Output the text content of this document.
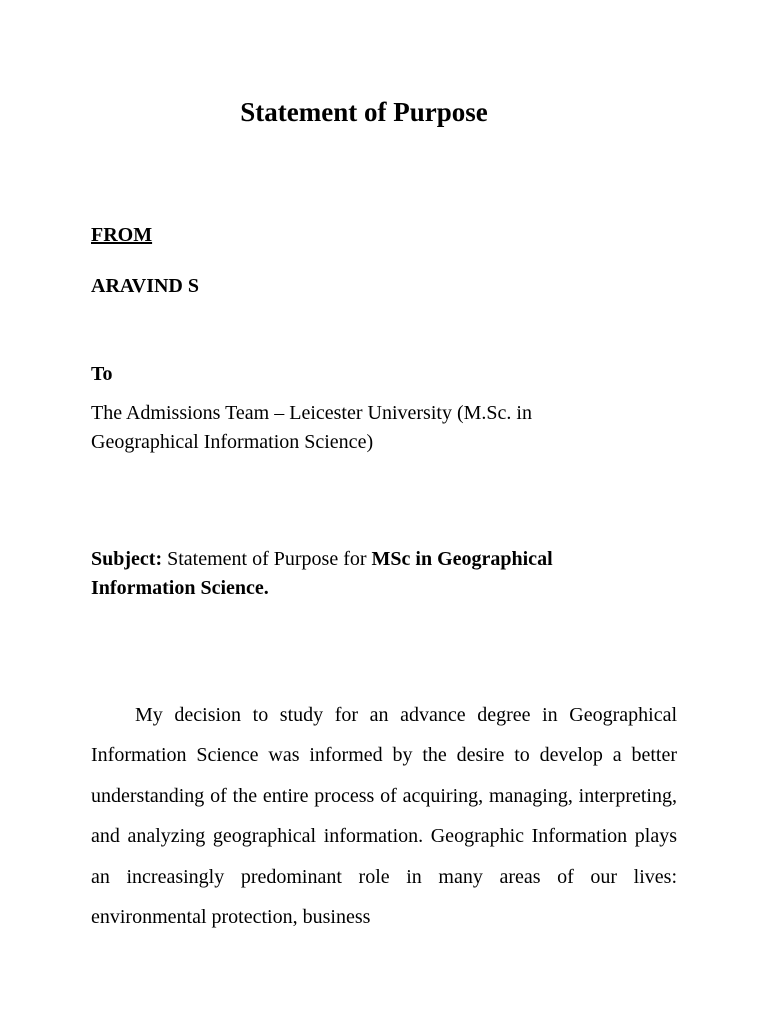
Statement of Purpose
FROM
ARAVIND S
To
The Admissions Team – Leicester University (M.Sc. in
Geographical Information Science)
Subject: Statement of Purpose for MSc in Geographical Information Science.

My decision to study for an advance degree in Geographical Information Science was informed by the desire to develop a better understanding of the entire process of acquiring, managing, interpreting, and analyzing geographical information. Geographic Information plays an increasingly predominant role in many areas of our lives: environmental protection, business
